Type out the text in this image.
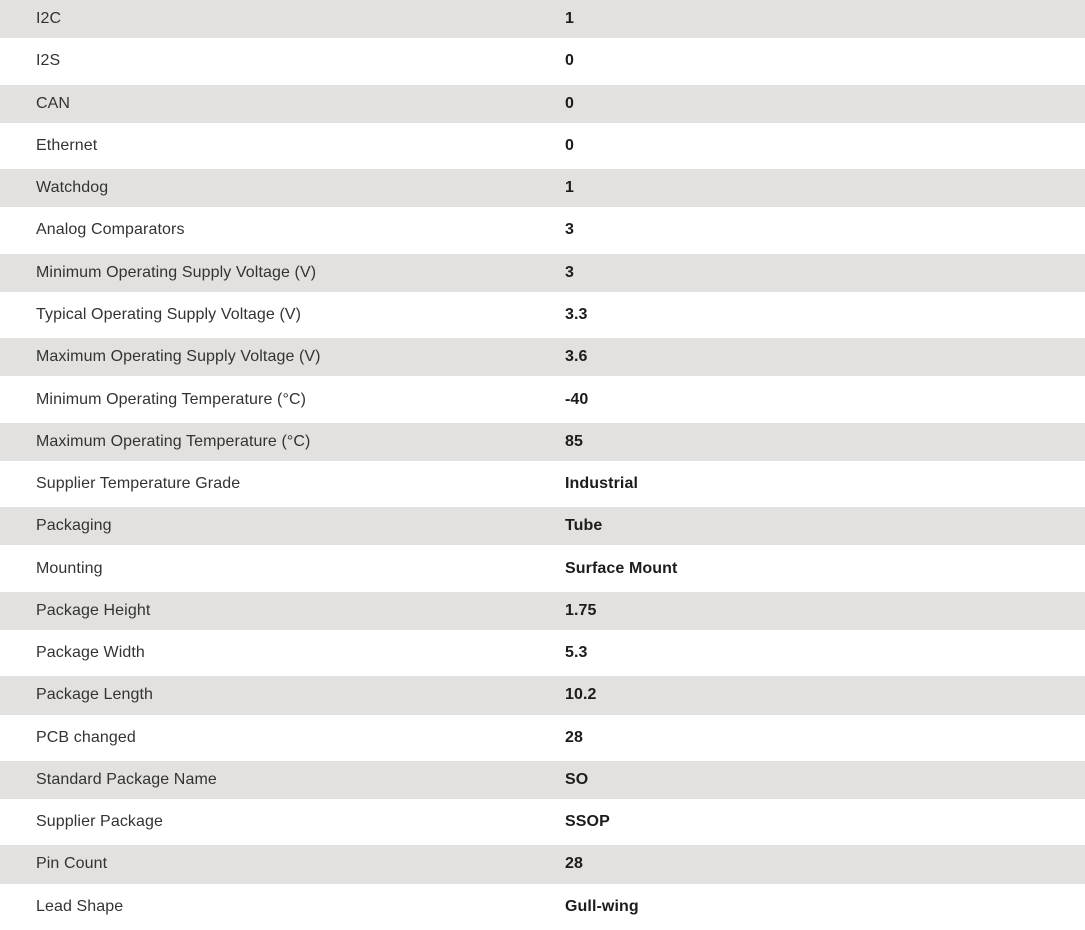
I2C	1
I2S	0
CAN	0
Ethernet	0
Watchdog	1
Analog Comparators	3
Minimum Operating Supply Voltage (V)	3
Typical Operating Supply Voltage (V)	3.3
Maximum Operating Supply Voltage (V)	3.6
Minimum Operating Temperature (°C)	-40
Maximum Operating Temperature (°C)	85
Supplier Temperature Grade	Industrial
Packaging	Tube
Mounting	Surface Mount
Package Height	1.75
Package Width	5.3
Package Length	10.2
PCB changed	28
Standard Package Name	SO
Supplier Package	SSOP
Pin Count	28
Lead Shape	Gull-wing
